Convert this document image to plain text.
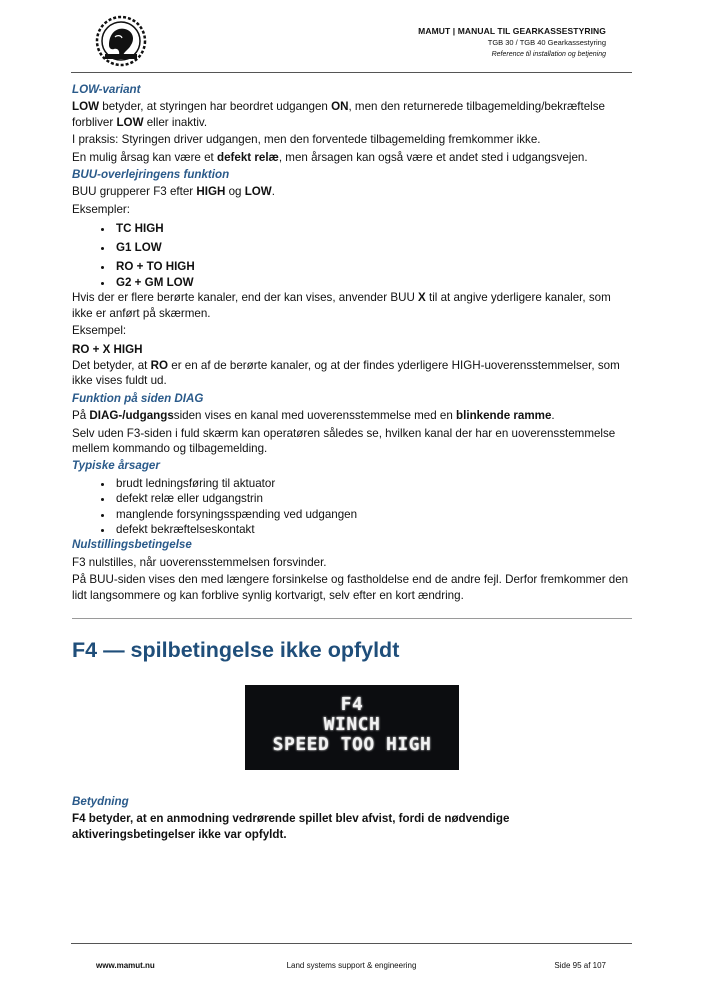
MAMUT | MANUAL TIL GEARKASSESTYRING
TGB 30 / TGB 40 Gearkassestyring
Reference til installation og betjening

LOW-variant

LOW betyder, at styringen har beordret udgangen ON, men den returnerede tilbagemelding/bekræftelse forbliver LOW eller inaktiv.

I praksis: Styringen driver udgangen, men den forventede tilbagemelding fremkommer ikke.

En mulig årsag kan være et defekt relæ, men årsagen kan også være et andet sted i udgangsvejen.

BUU-overlejringens funktion

BUU grupperer F3 efter HIGH og LOW.

Eksempler:

• TC HIGH
• G1 LOW
• RO + TO HIGH
• G2 + GM LOW

Hvis der er flere berørte kanaler, end der kan vises, anvender BUU X til at angive yderligere kanaler, som ikke er anført på skærmen.

Eksempel:

RO + X HIGH

Det betyder, at RO er en af de berørte kanaler, og at der findes yderligere HIGH-uoverensstemmelser, som ikke vises fuldt ud.

Funktion på siden DIAG

På DIAG-/udgangssiden vises en kanal med uoverensstemmelse med en blinkende ramme.

Selv uden F3-siden i fuld skærm kan operatøren således se, hvilken kanal der har en uoverensstemmelse mellem kommando og tilbagemelding.

Typiske årsager

• brudt ledningsføring til aktuator
• defekt relæ eller udgangstrin
• manglende forsyningsspænding ved udgangen
• defekt bekræftelseskontakt

Nulstillingsbetingelse

F3 nulstilles, når uoverensstemmelsen forsvinder.

På BUU-siden vises den med længere forsinkelse og fastholdelse end de andre fejl. Derfor fremkommer den lidt langsommere og kan forblive synlig kortvarigt, selv efter en kort ændring.

F4 — spilbetingelse ikke opfyldt
F4
WINCH
SPEED TOO HIGH

Betydning

F4 betyder, at en anmodning vedrørende spillet blev afvist, fordi de nødvendige aktiveringsbetingelser ikke var opfyldt.

www.mamut.nu	Land systems support & engineering	Side 95 af 107
